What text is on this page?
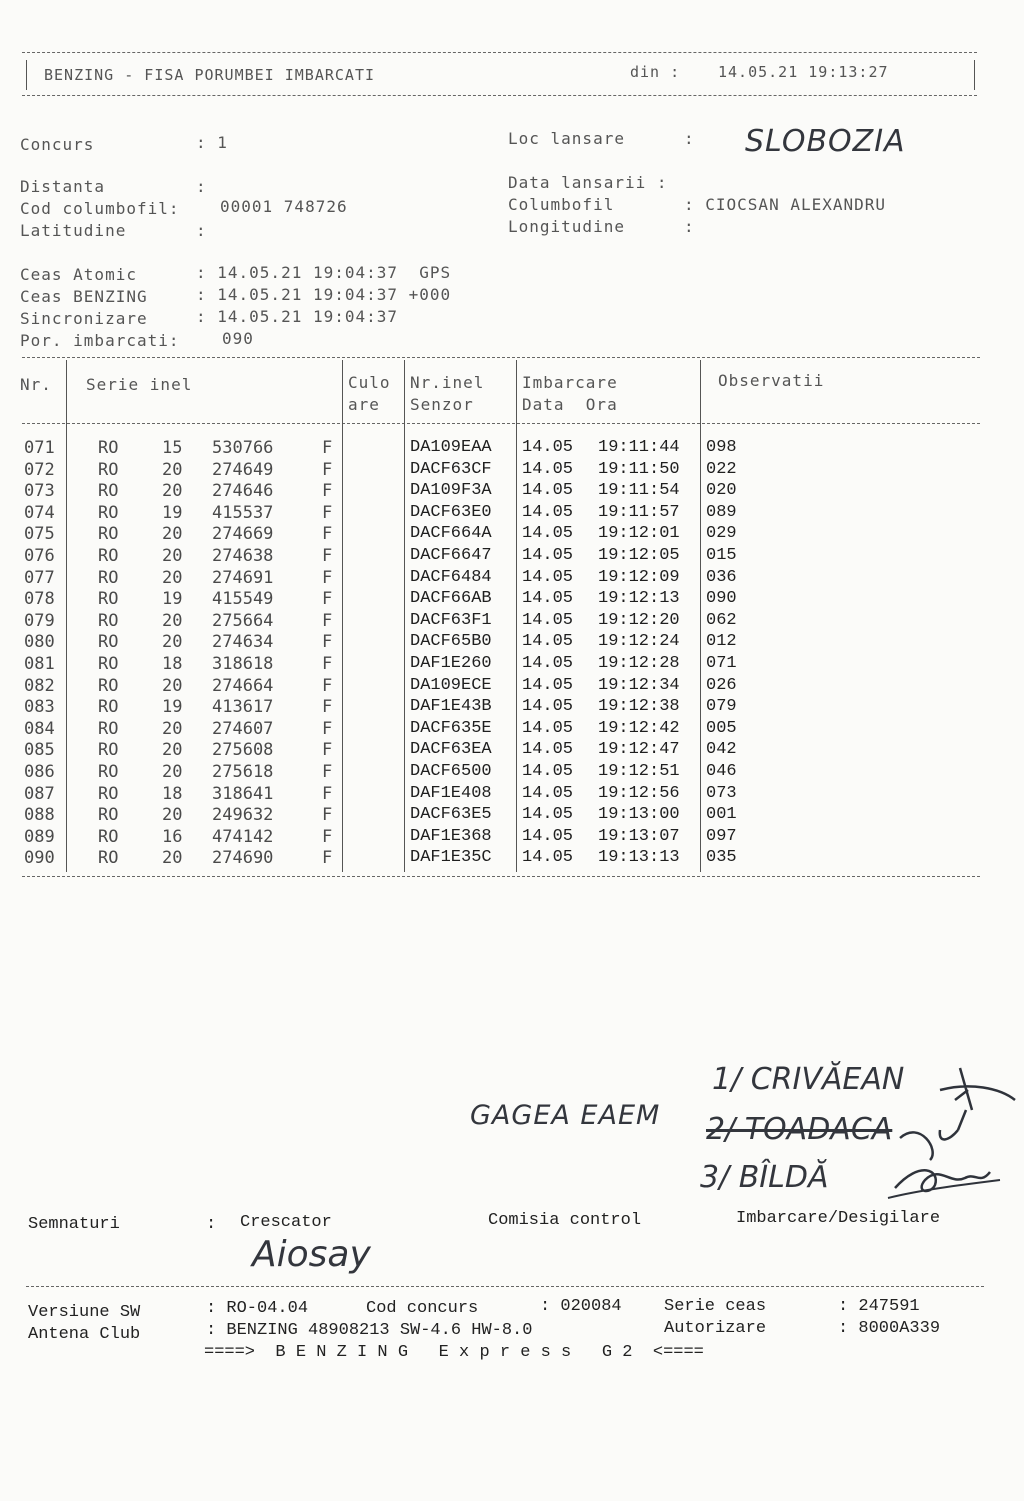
BENZING - FISA PORUMBEI IMBARCATI	din :	14.05.21 19:13:27
Concurs	: 1	Loc lansare	: SLOBOZIA
Distanta	:	Data lansarii :
Cod columbofil:	00001 748726	Columbofil	: CIOCSAN ALEXANDRU
Latitudine	:	Longitudine	:
Ceas Atomic	: 14.05.21 19:04:37  GPS
Ceas BENZING	: 14.05.21 19:04:37 +000
Sincronizare	: 14.05.21 19:04:37
Por. imbarcati:	090
Nr. Serie inel	Culo
are
Nr.inel
Senzor
Imbarcare
Data  Ora
Observatii
071	RO	15 530766	F	DA109EAA 14.05 19:11:44 098
072	RO	20 274649	F	DACF63CF 14.05 19:11:50 022
073	RO	20 274646	F	DA109F3A 14.05 19:11:54 020
074	RO	19 415537	F	DACF63E0 14.05 19:11:57 089
075	RO	20 274669	F	DACF664A 14.05 19:12:01 029
076	RO	20 274638	F	DACF6647 14.05 19:12:05 015
077	RO	20 274691	F	DACF6484 14.05 19:12:09 036
078	RO	19 415549	F	DACF66AB 14.05 19:12:13 090
079	RO	20 275664	F	DACF63F1 14.05 19:12:20 062
080	RO	20 274634	F	DACF65B0 14.05 19:12:24 012
081	RO	18 318618	F	DAF1E260 14.05 19:12:28 071
082	RO	20 274664	F	DA109ECE 14.05 19:12:34 026
083	RO	19 413617	F	DAF1E43B 14.05 19:12:38 079
084	RO	20 274607	F	DACF635E 14.05 19:12:42 005
085	RO	20 275608	F	DACF63EA 14.05 19:12:47 042
086	RO	20 275618	F	DACF6500 14.05 19:12:51 046
087	RO	18 318641	F	DAF1E408 14.05 19:12:56 073
088	RO	20 249632	F	DACF63E5 14.05 19:13:00 001
089	RO	16 474142	F	DAF1E368 14.05 19:13:07 097
090	RO	20 274690	F	DAF1E35C 14.05 19:13:13 035
GAGEA EAEM
1/ CRIVĂEAN
2/ TOADACA
3/ BÎLDĂ
Semnaturi	: Crescator	Comisia control	Imbarcare/Desigilare
Aiosay
Versiune SW	: RO-04.04	Cod concurs	: 020084 Serie ceas	: 247591
Antena Club	: BENZING 48908213 SW-4.6 HW-8.0	Autorizare	: 8000A339
====>  B E N Z I N G   E x p r e s s   G 2  <====
